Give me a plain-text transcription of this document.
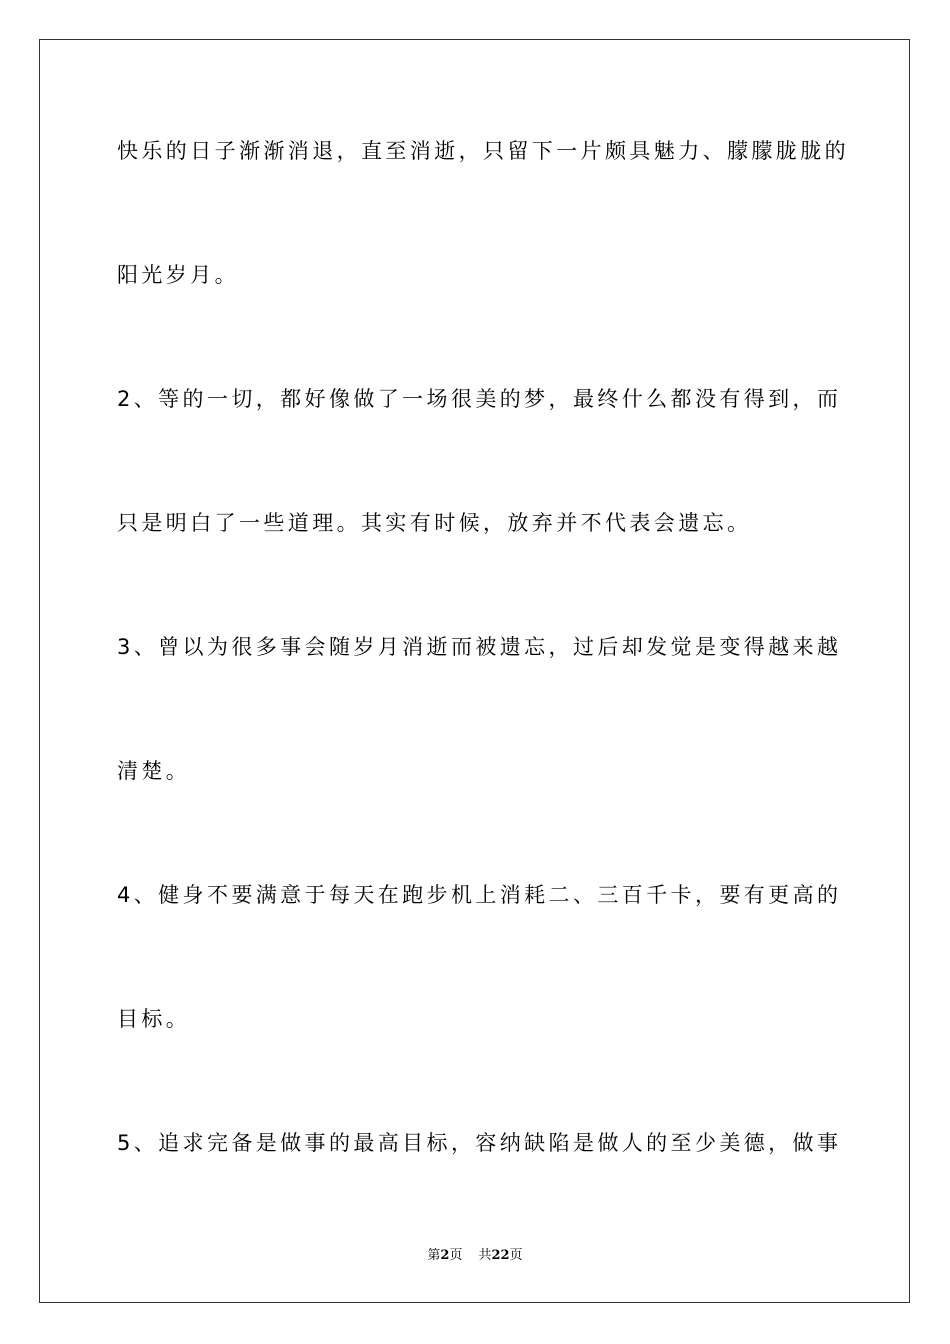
快乐的日子渐渐消退，直至消逝，只留下一片颇具魅力、朦朦胧胧的

阳光岁月。

2、等的一切，都好像做了一场很美的梦，最终什么都没有得到，而

只是明白了一些道理。其实有时候，放弃并不代表会遗忘。

3、曾以为很多事会随岁月消逝而被遗忘，过后却发觉是变得越来越

清楚。

4、健身不要满意于每天在跑步机上消耗二、三百千卡，要有更高的

目标。

5、追求完备是做事的最高目标，容纳缺陷是做人的至少美德，做事

第2页 共22页
